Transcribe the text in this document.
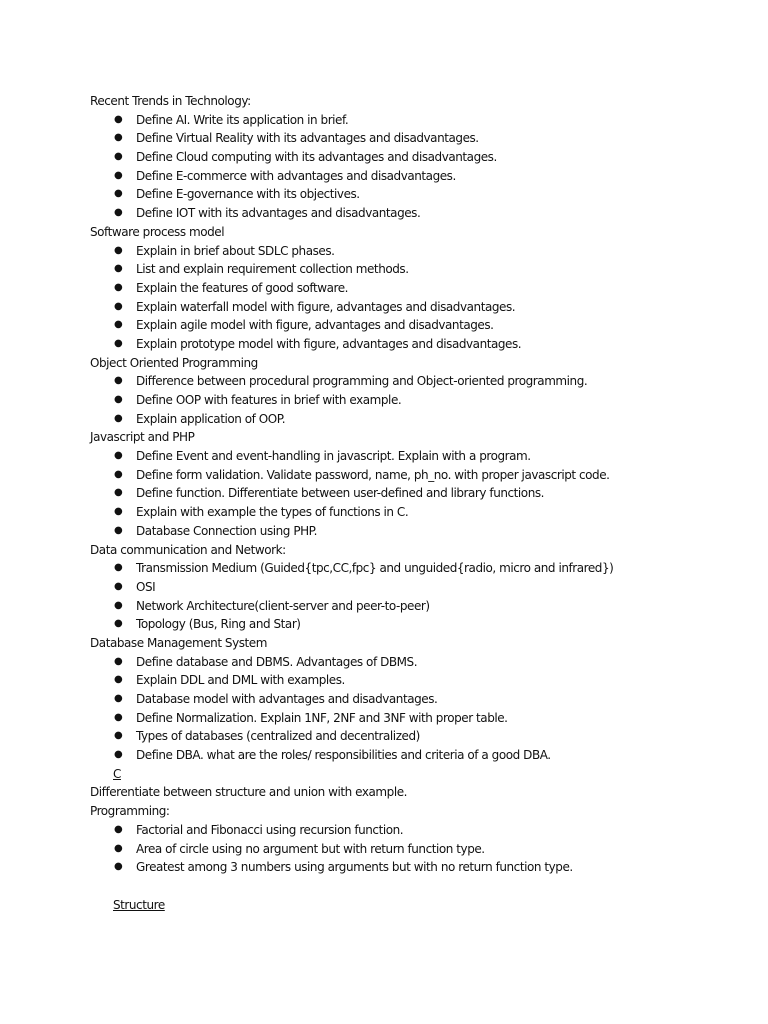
Recent Trends in Technology:
● Define AI. Write its application in brief.
● Define Virtual Reality with its advantages and disadvantages.
● Define Cloud computing with its advantages and disadvantages.
● Define E-commerce with advantages and disadvantages.
● Define E-governance with its objectives.
● Define IOT with its advantages and disadvantages.
Software process model
● Explain in brief about SDLC phases.
● List and explain requirement collection methods.
● Explain the features of good software.
● Explain waterfall model with figure, advantages and disadvantages.
● Explain agile model with figure, advantages and disadvantages.
● Explain prototype model with figure, advantages and disadvantages.
Object Oriented Programming
● Difference between procedural programming and Object-oriented programming.
● Define OOP with features in brief with example.
● Explain application of OOP.
Javascript and PHP
● Define Event and event-handling in javascript. Explain with a program.
● Define form validation. Validate password, name, ph_no. with proper javascript code.
● Define function. Differentiate between user-defined and library functions.
● Explain with example the types of functions in C.
● Database Connection using PHP.
Data communication and Network:
● Transmission Medium (Guided{tpc,CC,fpc} and unguided{radio, micro and infrared})
● OSI
● Network Architecture(client-server and peer-to-peer)
● Topology (Bus, Ring and Star)
Database Management System
● Define database and DBMS. Advantages of DBMS.
● Explain DDL and DML with examples.
● Database model with advantages and disadvantages.
● Define Normalization. Explain 1NF, 2NF and 3NF with proper table.
● Types of databases (centralized and decentralized)
● Define DBA. what are the roles/ responsibilities and criteria of a good DBA.
C
Differentiate between structure and union with example.
Programming:
● Factorial and Fibonacci using recursion function.
● Area of circle using no argument but with return function type.
● Greatest among 3 numbers using arguments but with no return function type.
Structure
